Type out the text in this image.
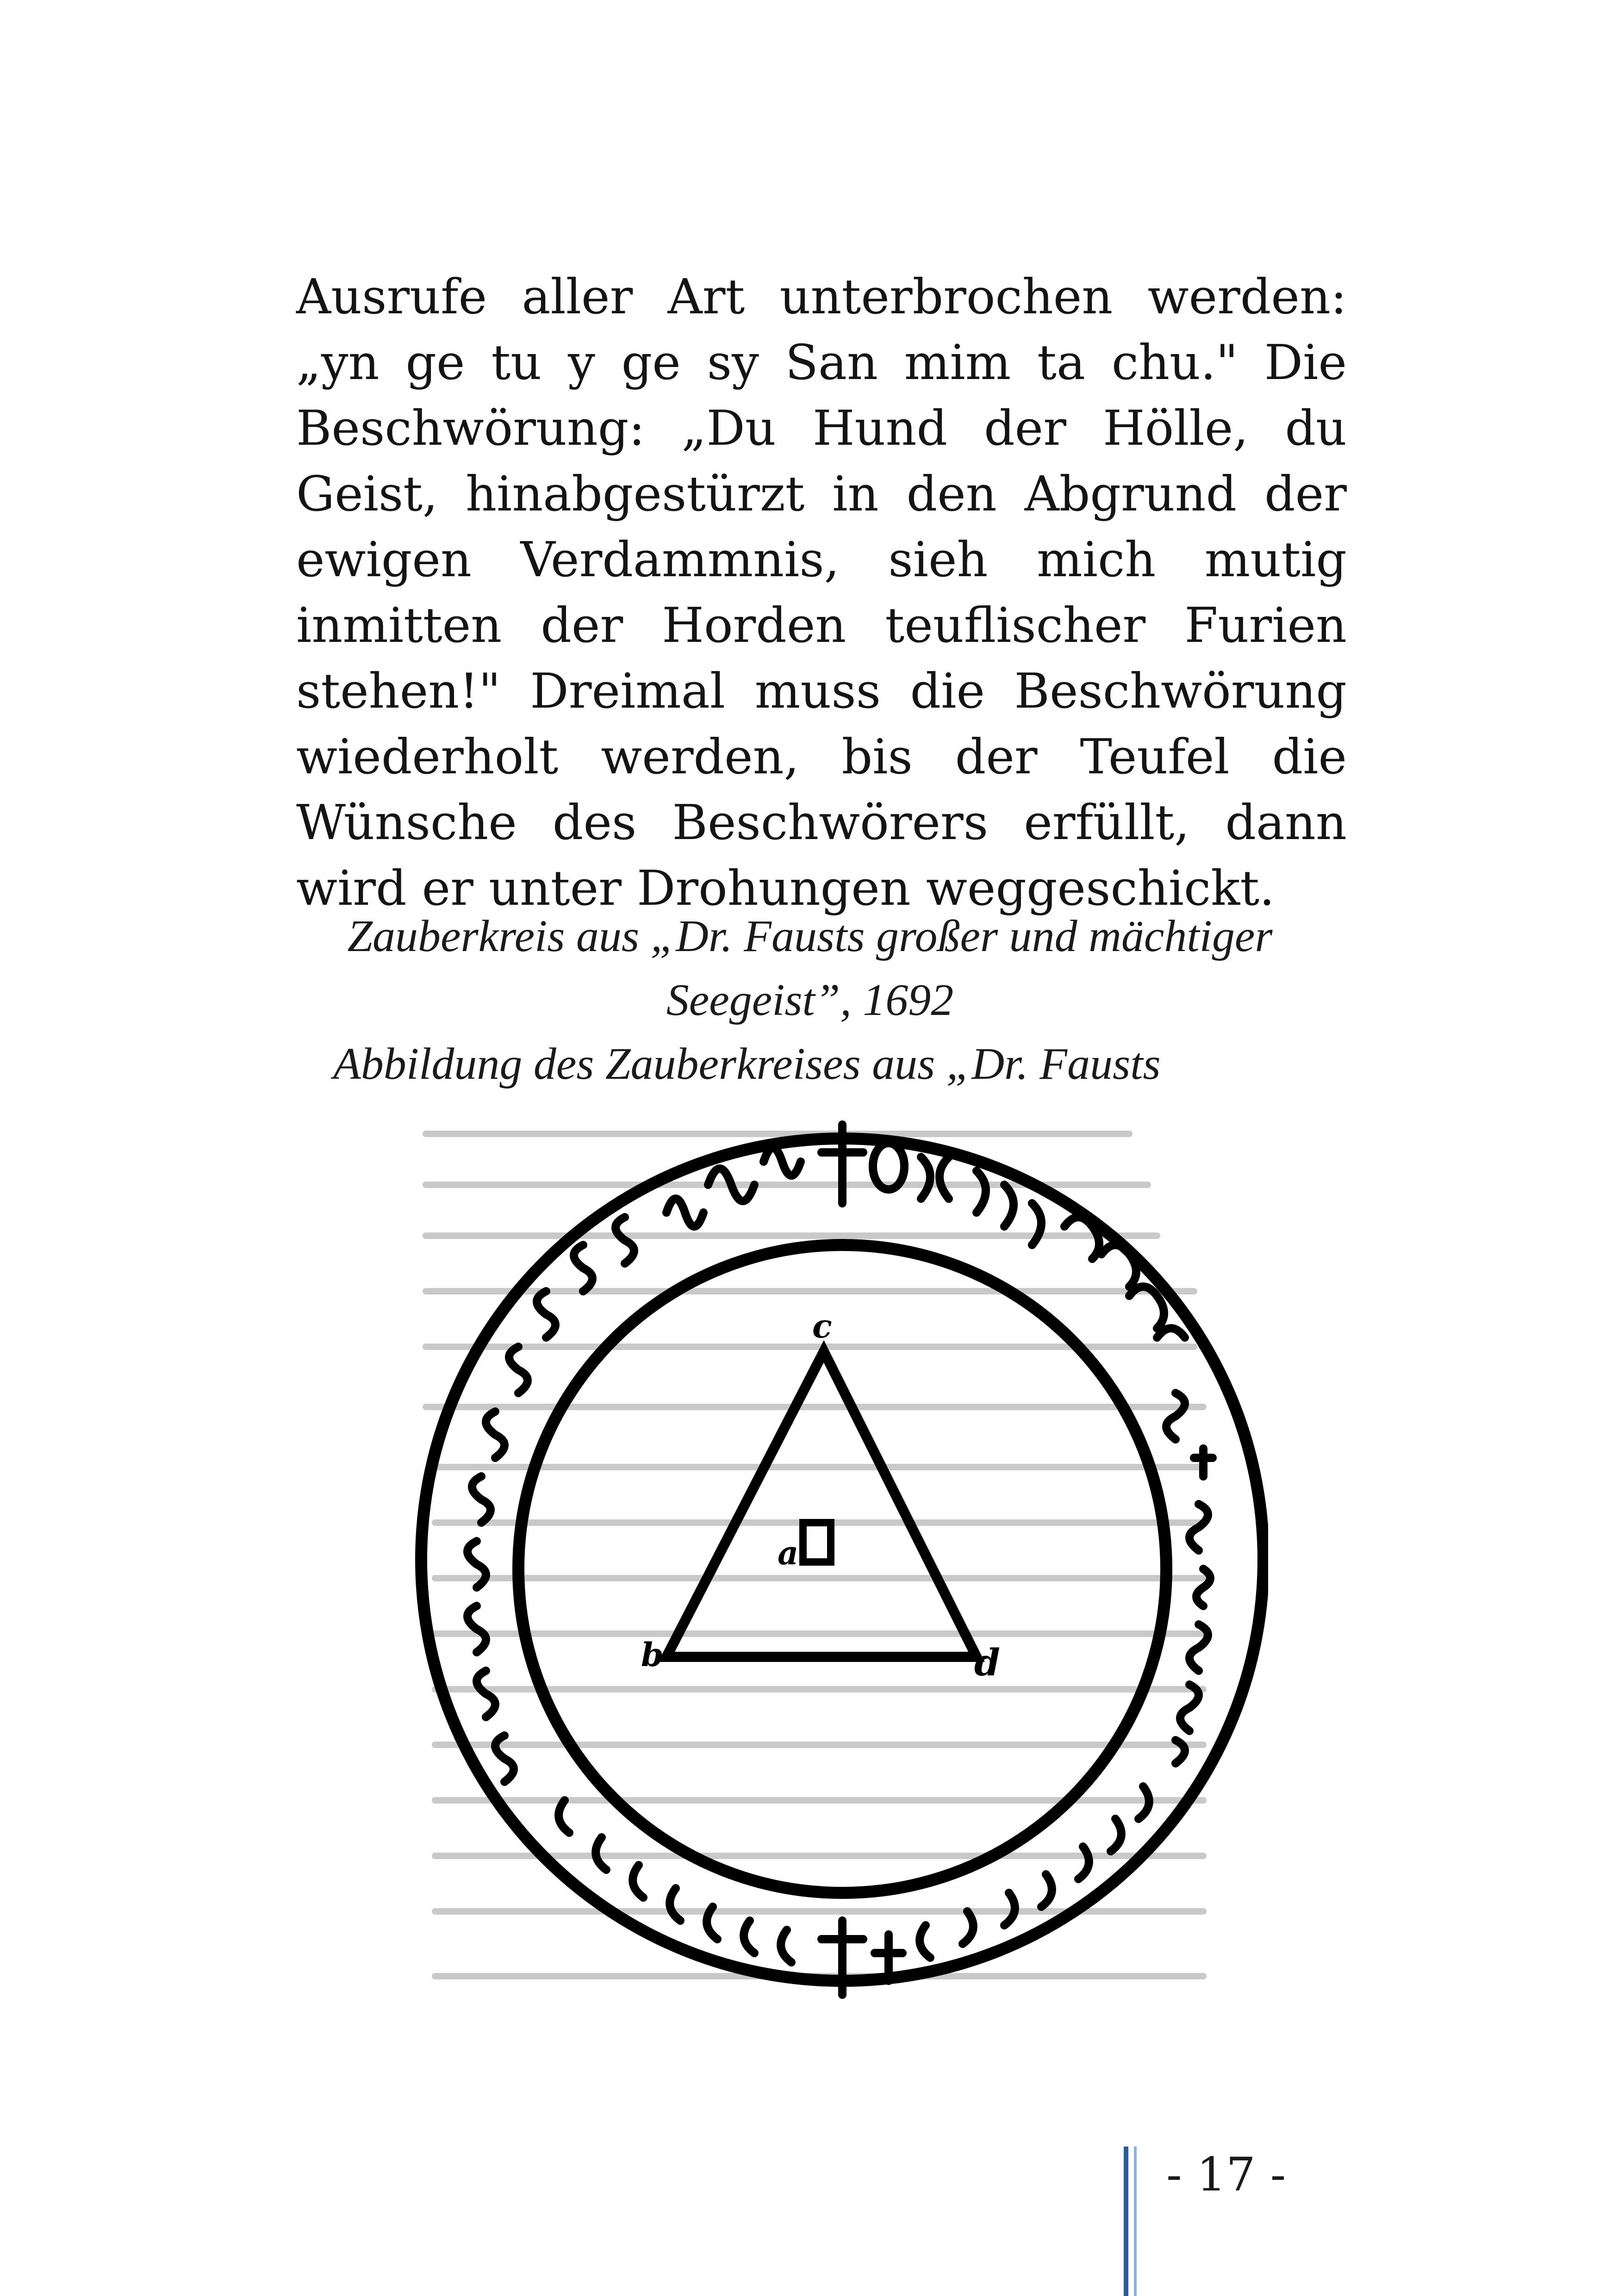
Ausrufe aller Art unterbrochen werden: „yn ge tu y ge sy San mim ta chu." Die Beschwörung: „Du Hund der Hölle, du Geist, hinabgestürzt in den Abgrund der ewigen Verdammnis, sieh mich mutig inmitten der Horden teuflischer Furien stehen!" Dreimal muss die Beschwörung wiederholt werden, bis der Teufel die Wünsche des Beschwörers erfüllt, dann wird er unter Drohungen weggeschickt.

Zauberkreis aus „Dr. Fausts großer und mächtiger

Seegeist”, 1692

Abbildung des Zauberkreises aus „Dr. Fausts

c
a
b	d
- 17 -
